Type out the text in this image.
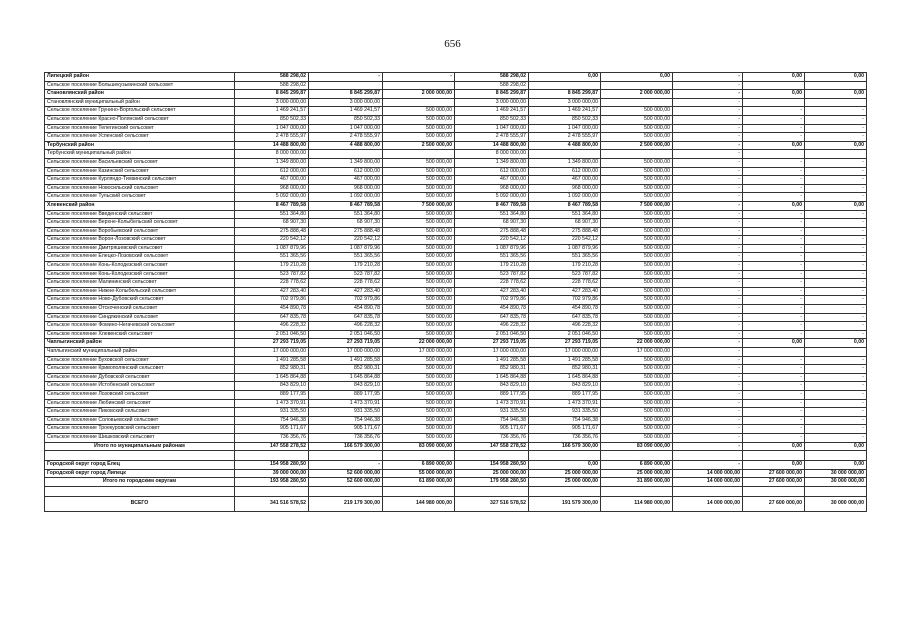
656
Липецкий район	588 298,02	-	-	588 298,02	0,00	0,00	-	0,00	0,00
Сельское поселение Большекузьминский сельсовет	588 298,02			588 298,02			-		
Становлянский район	8 845 299,87	8 845 299,87	2 000 000,00	8 845 299,87	8 845 299,87	2 000 000,00	-	0,00	0,00
Становлянский муниципальный район	3 000 000,00	3 000 000,00		3 000 000,00	3 000 000,00		-		
Сельское поселение Грунино-Воргольский сельсовет	1 469 241,57	1 469 241,57	500 000,00	1 469 241,57	1 469 241,57	500 000,00	-	-	-
Сельское поселение Красно-Полянский сельсовет	850 502,33	850 502,33	500 000,00	850 502,33	850 502,33	500 000,00	-	-	-
Сельское поселение Телегинский сельсовет	1 047 000,00	1 047 000,00	500 000,00	1 047 000,00	1 047 000,00	500 000,00	-	-	-
Сельское поселение Успенский сельсовет	2 478 555,97	2 478 555,97	500 000,00	2 478 555,97	2 478 555,97	500 000,00	-	-	-
Тербунский район	14 488 800,00	4 488 800,00	2 500 000,00	14 488 800,00	4 488 800,00	2 500 000,00	-	0,00	0,00
Тербунский муниципальный район	8 000 000,00			8 000 000,00			-		
Сельское поселение Васильевский сельсовет	1 349 800,00	1 349 800,00	500 000,00	1 349 800,00	1 349 800,00	500 000,00	-	-	-
Сельское поселение Казинский сельсовет	612 000,00	612 000,00	500 000,00	612 000,00	612 000,00	500 000,00	-	-	-
Сельское поселение Курляндо-Тихвинский сельсовет	467 000,00	467 000,00	500 000,00	467 000,00	467 000,00	500 000,00	-	-	-
Сельское поселение Новосильский сельсовет	968 000,00	968 000,00	500 000,00	968 000,00	968 000,00	500 000,00	-	-	-
Сельское поселение Тульский сельсовет	5 092 000,00	1 092 000,00	500 000,00	5 092 000,00	1 092 000,00	500 000,00	-	-	-
Хлевенский район	8 467 789,58	8 467 789,58	7 500 000,00	8 467 789,58	8 467 789,58	7 500 000,00	-	0,00	0,00
Сельское поселение Введенский сельсовет	551 364,80	551 364,80	500 000,00	551 364,80	551 364,80	500 000,00	-	-	-
Сельское поселение Верхне-Колыбельский сельсовет	68 907,30	68 907,30	500 000,00	68 907,30	68 907,30	500 000,00	-	-	-
Сельское поселение Воробьевский сельсовет	275 888,48	275 888,48	500 000,00	275 888,48	275 888,48	500 000,00	-	-	-
Сельское поселение Ворон-Лозовский сельсовет	220 542,12	220 542,12	500 000,00	220 542,12	220 542,12	500 000,00	-	-	-
Сельское поселение Дмитряшевский сельсовет	1 087 879,96	1 087 879,96	500 000,00	1 087 879,96	1 087 879,96	500 000,00	-	-	-
Сельское поселение Елецко-Лозовский сельсовет	551 365,56	551 365,56	500 000,00	551 365,56	551 365,56	500 000,00	-	-	-
Сельское поселение Конь-Колодезский сельсовет	179 210,28	179 210,28	500 000,00	179 210,28	179 210,28	500 000,00	-	-	-
Сельское поселение Конь-Колодезский сельсовет	523 787,82	523 787,82	500 000,00	523 787,82	523 787,82	500 000,00	-	-	-
Сельское поселение Малининский сельсовет	228 778,62	228 778,62	500 000,00	228 778,62	228 778,62	500 000,00	-	-	-
Сельское поселение Нижне-Колыбельский сельсовет	427 283,40	427 283,40	500 000,00	427 283,40	427 283,40	500 000,00	-	-	-
Сельское поселение Ново-Дубовский сельсовет	702 979,86	702 979,86	500 000,00	702 979,86	702 979,86	500 000,00	-	-	-
Сельское поселение Отскоченский сельсовет	454 890,78	454 890,78	500 000,00	454 890,78	454 890,78	500 000,00	-	-	-
Сельское поселение Синдякинский сельсовет	647 835,78	647 835,78	500 000,00	647 835,78	647 835,78	500 000,00	-	-	-
Сельское поселение Фомино-Негачевский сельсовет	496 228,32	496 228,32	500 000,00	496 228,32	496 228,32	500 000,00	-	-	-
Сельское поселение Хлевенский сельсовет	2 051 046,50	2 051 046,50	500 000,00	2 051 046,50	2 051 046,50	500 000,00	-	-	-
Чаплыгинский район	27 293 719,05	27 293 719,05	22 000 000,00	27 293 719,05	27 293 719,05	22 000 000,00	-	0,00	0,00
Чаплыгинский муниципальный район	17 000 000,00	17 000 000,00	17 000 000,00	17 000 000,00	17 000 000,00	17 000 000,00	-		
Сельское поселение Буховской сельсовет	1 491 285,58	1 491 285,58	500 000,00	1 491 285,58	1 491 285,58	500 000,00	-	-	-
Сельское поселение Кривополянский сельсовет	852 980,31	852 980,31	500 000,00	852 980,31	852 980,31	500 000,00	-	-	-
Сельское поселение Дубовской сельсовет	1 645 864,88	1 645 864,88	500 000,00	1 645 864,88	1 645 864,88	500 000,00	-	-	-
Сельское поселение Истобенский сельсовет	843 829,10	843 829,10	500 000,00	843 829,10	843 829,10	500 000,00	-	-	-
Сельское поселение Лозовский сельсовет	889 177,95	889 177,95	500 000,00	889 177,95	889 177,95	500 000,00	-	-	-
Сельское поселение Любинский сельсовет	1 473 370,91	1 473 370,91	500 000,00	1 473 370,91	1 473 370,91	500 000,00	-	-	-
Сельское поселение Пиковский сельсовет	931 335,50	931 335,50	500 000,00	931 335,50	931 335,50	500 000,00	-	-	-
Сельское поселение Соловьевский сельсовет	754 946,38	754 946,38	500 000,00	754 946,38	754 946,38	500 000,00	-	-	-
Сельское поселение Троекуровский сельсовет	905 171,67	905 171,67	500 000,00	905 171,67	905 171,67	500 000,00	-	-	-
Сельское поселение Шишковский сельсовет	736 356,76	736 356,76	500 000,00	736 356,76	736 356,76	500 000,00	-	-	-
Итого по муниципальным районам	147 558 278,52	166 579 300,00	83 090 000,00	147 558 278,52	166 579 300,00	83 090 000,00	-	0,00	0,00

Городской округ город Елец	154 958 280,50	-	6 890 000,00	154 958 280,50	0,00	6 890 000,00	-	0,00	0,00
Городской округ город Липецк	39 000 000,00	52 600 000,00	55 000 000,00	25 000 000,00	25 000 000,00	25 000 000,00	14 000 000,00	27 600 000,00	30 000 000,00
Итого по городским округам	193 958 280,50	52 600 000,00	61 890 000,00	179 958 280,50	25 000 000,00	31 890 000,00	14 000 000,00	27 600 000,00	30 000 000,00

ВСЕГО	341 516 578,52	219 179 300,00	144 980 000,00	327 516 578,52	191 579 300,00	114 980 000,00	14 000 000,00	27 600 000,00	30 000 000,00
